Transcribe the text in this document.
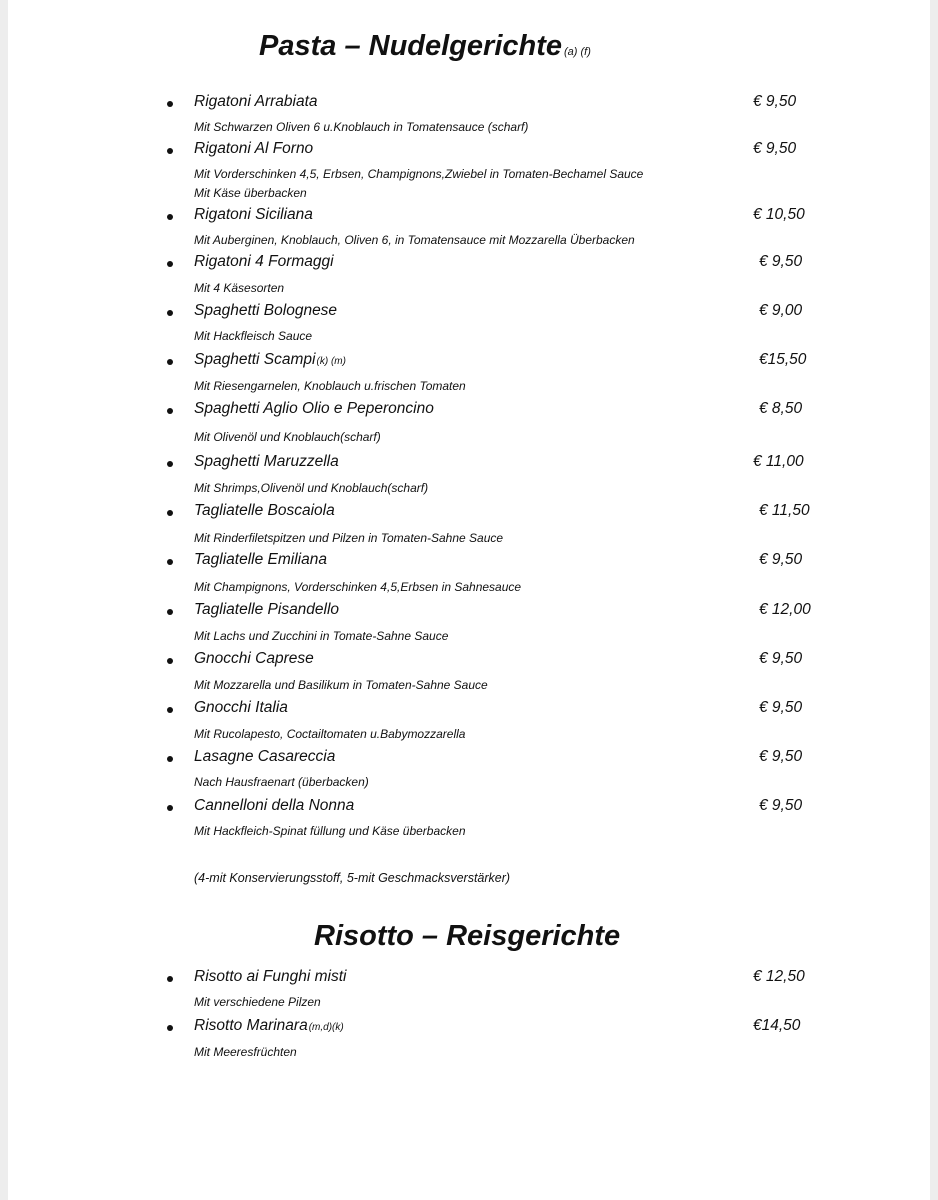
Pasta – Nudelgerichte (a) (f)
Rigatoni Arrabiata
Mit Schwarzen Oliven 6 u.Knoblauch in Tomatensauce (scharf)
€ 9,50
Rigatoni Al Forno
Mit Vorderschinken 4,5, Erbsen, Champignons,Zwiebel in Tomaten-Bechamel Sauce
Mit Käse überbacken
€ 9,50
Rigatoni Siciliana
Mit Auberginen, Knoblauch, Oliven 6, in Tomatensauce mit Mozzarella Überbacken
€ 10,50
Rigatoni 4 Formaggi
Mit 4 Käsesorten
€ 9,50
Spaghetti Bolognese
Mit Hackfleisch Sauce
€ 9,00
Spaghetti Scampi(k) (m)
Mit Riesengarnelen, Knoblauch u.frischen Tomaten
€15,50
Spaghetti Aglio Olio e Peperoncino
Mit Olivenöl und Knoblauch(scharf)
€ 8,50
Spaghetti Maruzzella
Mit Shrimps,Olivenöl und Knoblauch(scharf)
€ 11,00
Tagliatelle Boscaiola
Mit Rinderfiletspitzen und Pilzen in Tomaten-Sahne Sauce
€ 11,50
Tagliatelle Emiliana
Mit Champignons, Vorderschinken 4,5,Erbsen in Sahnesauce
€ 9,50
Tagliatelle Pisandello
Mit Lachs und Zucchini in Tomate-Sahne Sauce
€ 12,00
Gnocchi Caprese
Mit Mozzarella und Basilikum in Tomaten-Sahne Sauce
€ 9,50
Gnocchi Italia
Mit Rucolapesto, Coctailtomaten u.Babymozzarella
€ 9,50
Lasagne Casareccia
Nach Hausfraenart (überbacken)
€ 9,50
Cannelloni della Nonna
Mit Hackfleich-Spinat füllung und Käse überbacken
€ 9,50
(4-mit Konservierungsstoff, 5-mit Geschmacksverstärker)
Risotto – Reisgerichte
Risotto ai Funghi misti
Mit verschiedene Pilzen
€ 12,50
Risotto Marinara(m,d)(k)
Mit Meeresfrüchten
€14,50
